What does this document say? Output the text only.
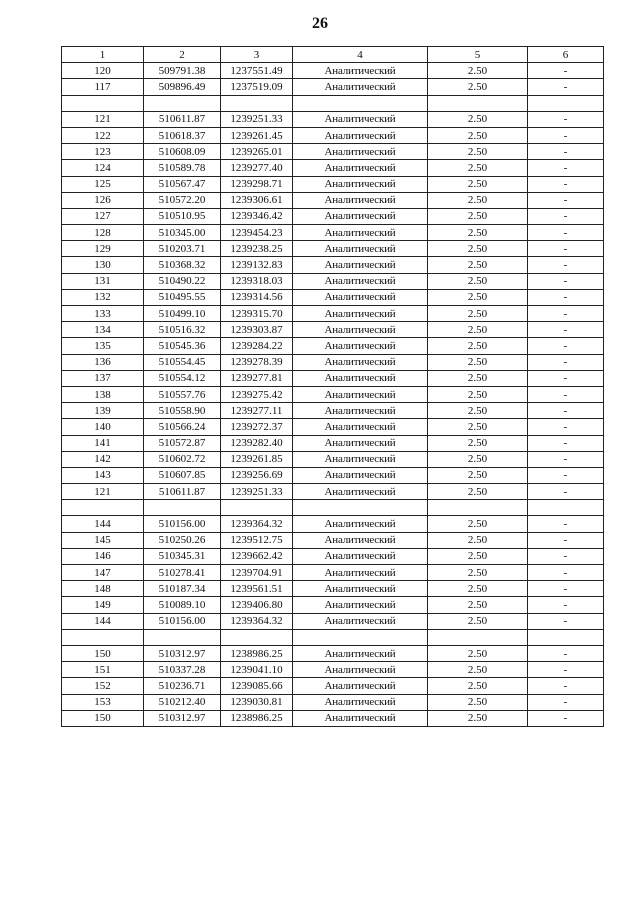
26
1	2	3	4	5	6
120	509791.38	1237551.49	Аналитический	2.50	-
117	509896.49	1237519.09	Аналитический	2.50	-

121	510611.87	1239251.33	Аналитический	2.50	-
122	510618.37	1239261.45	Аналитический	2.50	-
123	510608.09	1239265.01	Аналитический	2.50	-
124	510589.78	1239277.40	Аналитический	2.50	-
125	510567.47	1239298.71	Аналитический	2.50	-
126	510572.20	1239306.61	Аналитический	2.50	-
127	510510.95	1239346.42	Аналитический	2.50	-
128	510345.00	1239454.23	Аналитический	2.50	-
129	510203.71	1239238.25	Аналитический	2.50	-
130	510368.32	1239132.83	Аналитический	2.50	-
131	510490.22	1239318.03	Аналитический	2.50	-
132	510495.55	1239314.56	Аналитический	2.50	-
133	510499.10	1239315.70	Аналитический	2.50	-
134	510516.32	1239303.87	Аналитический	2.50	-
135	510545.36	1239284.22	Аналитический	2.50	-
136	510554.45	1239278.39	Аналитический	2.50	-
137	510554.12	1239277.81	Аналитический	2.50	-
138	510557.76	1239275.42	Аналитический	2.50	-
139	510558.90	1239277.11	Аналитический	2.50	-
140	510566.24	1239272.37	Аналитический	2.50	-
141	510572.87	1239282.40	Аналитический	2.50	-
142	510602.72	1239261.85	Аналитический	2.50	-
143	510607.85	1239256.69	Аналитический	2.50	-
121	510611.87	1239251.33	Аналитический	2.50	-

144	510156.00	1239364.32	Аналитический	2.50	-
145	510250.26	1239512.75	Аналитический	2.50	-
146	510345.31	1239662.42	Аналитический	2.50	-
147	510278.41	1239704.91	Аналитический	2.50	-
148	510187.34	1239561.51	Аналитический	2.50	-
149	510089.10	1239406.80	Аналитический	2.50	-
144	510156.00	1239364.32	Аналитический	2.50	-

150	510312.97	1238986.25	Аналитический	2.50	-
151	510337.28	1239041.10	Аналитический	2.50	-
152	510236.71	1239085.66	Аналитический	2.50	-
153	510212.40	1239030.81	Аналитический	2.50	-
150	510312.97	1238986.25	Аналитический	2.50	-
